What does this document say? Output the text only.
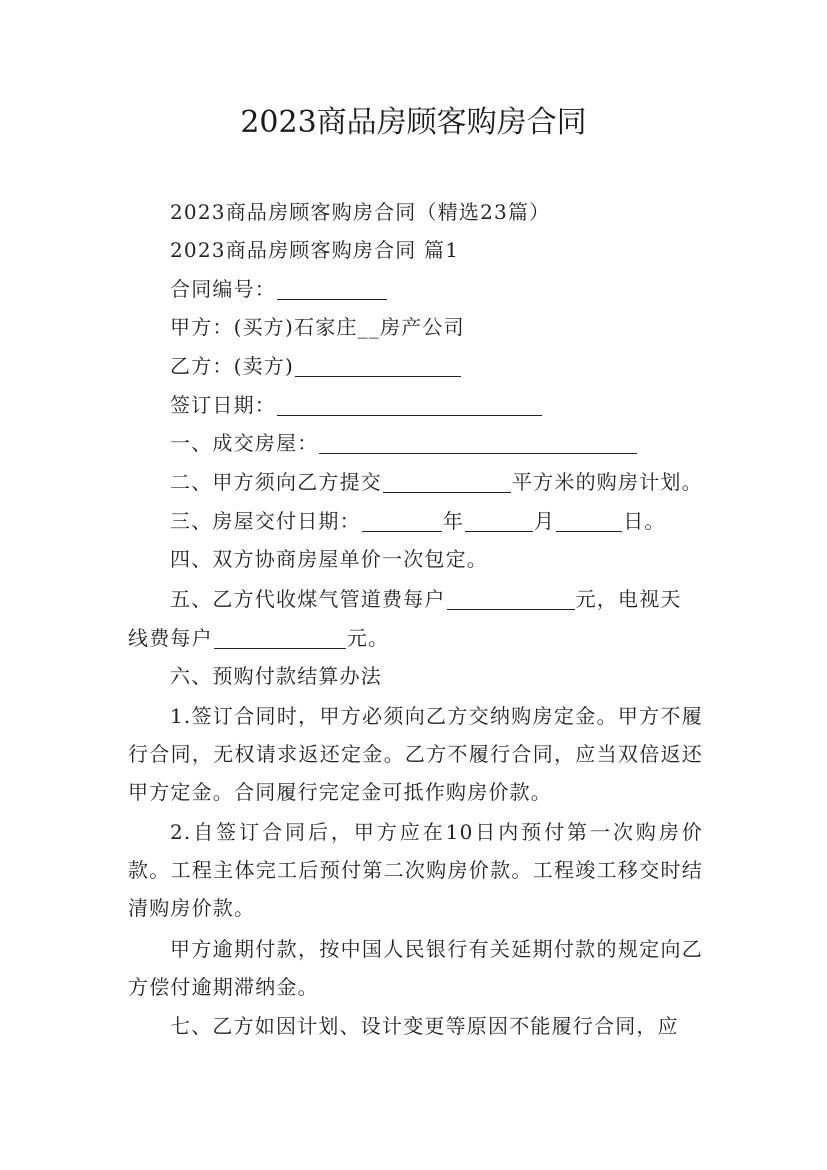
2023商品房顾客购房合同
2023商品房顾客购房合同（精选23篇）
2023商品房顾客购房合同 篇1
合同编号：
甲方：(买方)石家庄__房产公司
乙方：(卖方)
签订日期：
一、成交房屋：
二、甲方须向乙方提交	平方米的购房计划。
三、房屋交付日期：	年	月	日。
四、双方协商房屋单价一次包定。
五、乙方代收煤气管道费每户	元，电视天
线费每户	元。
六、预购付款结算办法
1.签订合同时，甲方必须向乙方交纳购房定金。甲方不履行合同，无权请求返还定金。乙方不履行合同，应当双倍返还甲方定金。合同履行完定金可抵作购房价款。
2.自签订合同后，甲方应在10日内预付第一次购房价款。工程主体完工后预付第二次购房价款。工程竣工移交时结清购房价款。
甲方逾期付款，按中国人民银行有关延期付款的规定向乙方偿付逾期滞纳金。
七、乙方如因计划、设计变更等原因不能履行合同，应
